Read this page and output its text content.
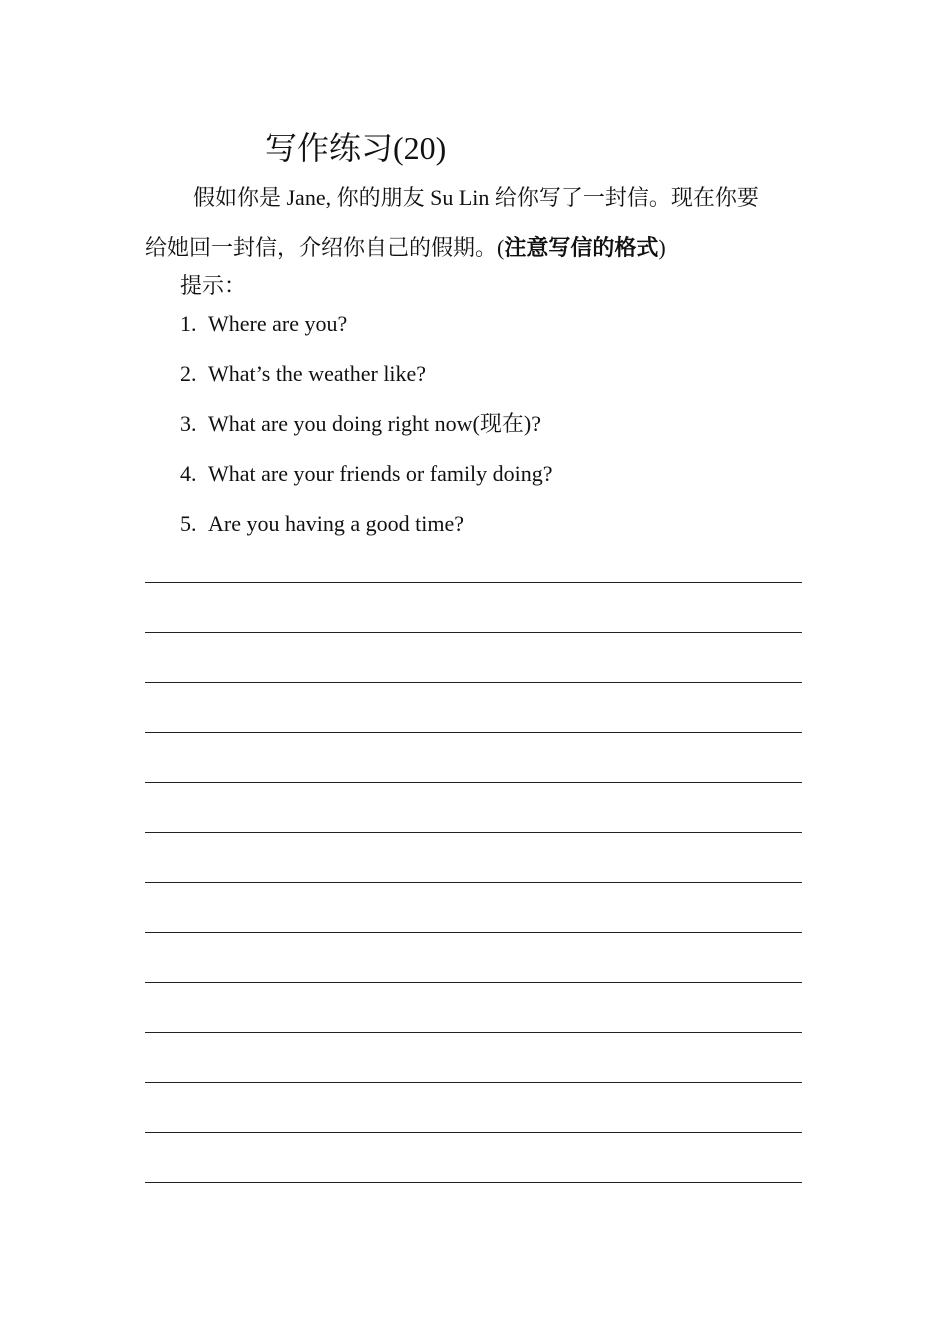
写作练习(20)
假如你是 Jane, 你的朋友 Su Lin 给你写了一封信。现在你要
给她回一封信，介绍你自己的假期。(注意写信的格式)
提示：
1. Where are you?
2. What’s the weather like?
3. What are you doing right now(现在)?
4. What are your friends or family doing?
5. Are you having a good time?
